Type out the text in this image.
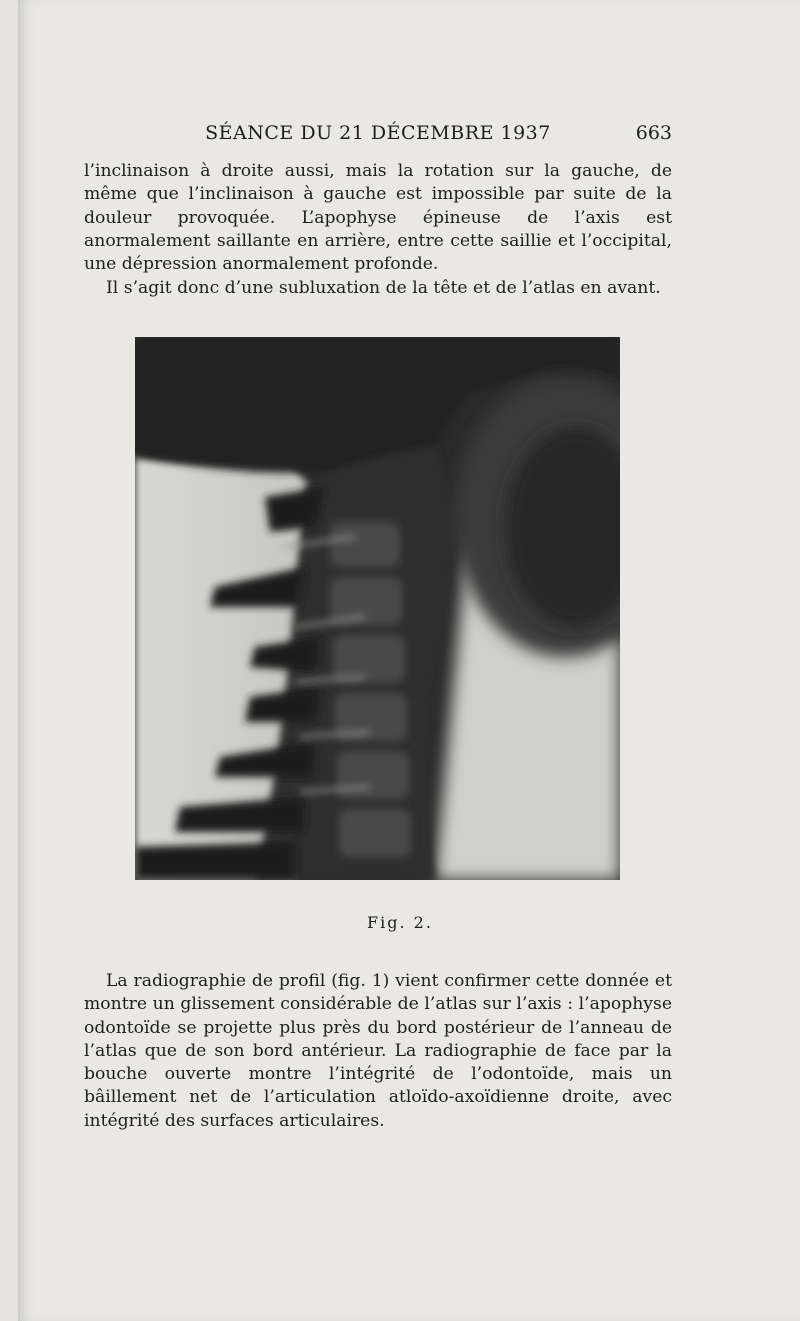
SÉANCE DU 21 DÉCEMBRE 1937	663

l’inclinaison à droite aussi, mais la rotation sur la gauche, de même que l’inclinaison à gauche est impossible par suite de la douleur provoquée. L’apophyse épineuse de l’axis est anormalement saillante en arrière, entre cette saillie et l’occipital, une dépression anormalement profonde.

Il s’agit donc d’une subluxation de la tête et de l’atlas en avant.

Fig. 2.

La radiographie de profil (fig. 1) vient confirmer cette donnée et montre un glissement considérable de l’atlas sur l’axis : l’apophyse odontoïde se projette plus près du bord postérieur de l’anneau de l’atlas que de son bord antérieur. La radiographie de face par la bouche ouverte montre l’intégrité de l’odontoïde, mais un bâillement net de l’articulation atloïdo-axoïdienne droite, avec intégrité des surfaces articulaires.
